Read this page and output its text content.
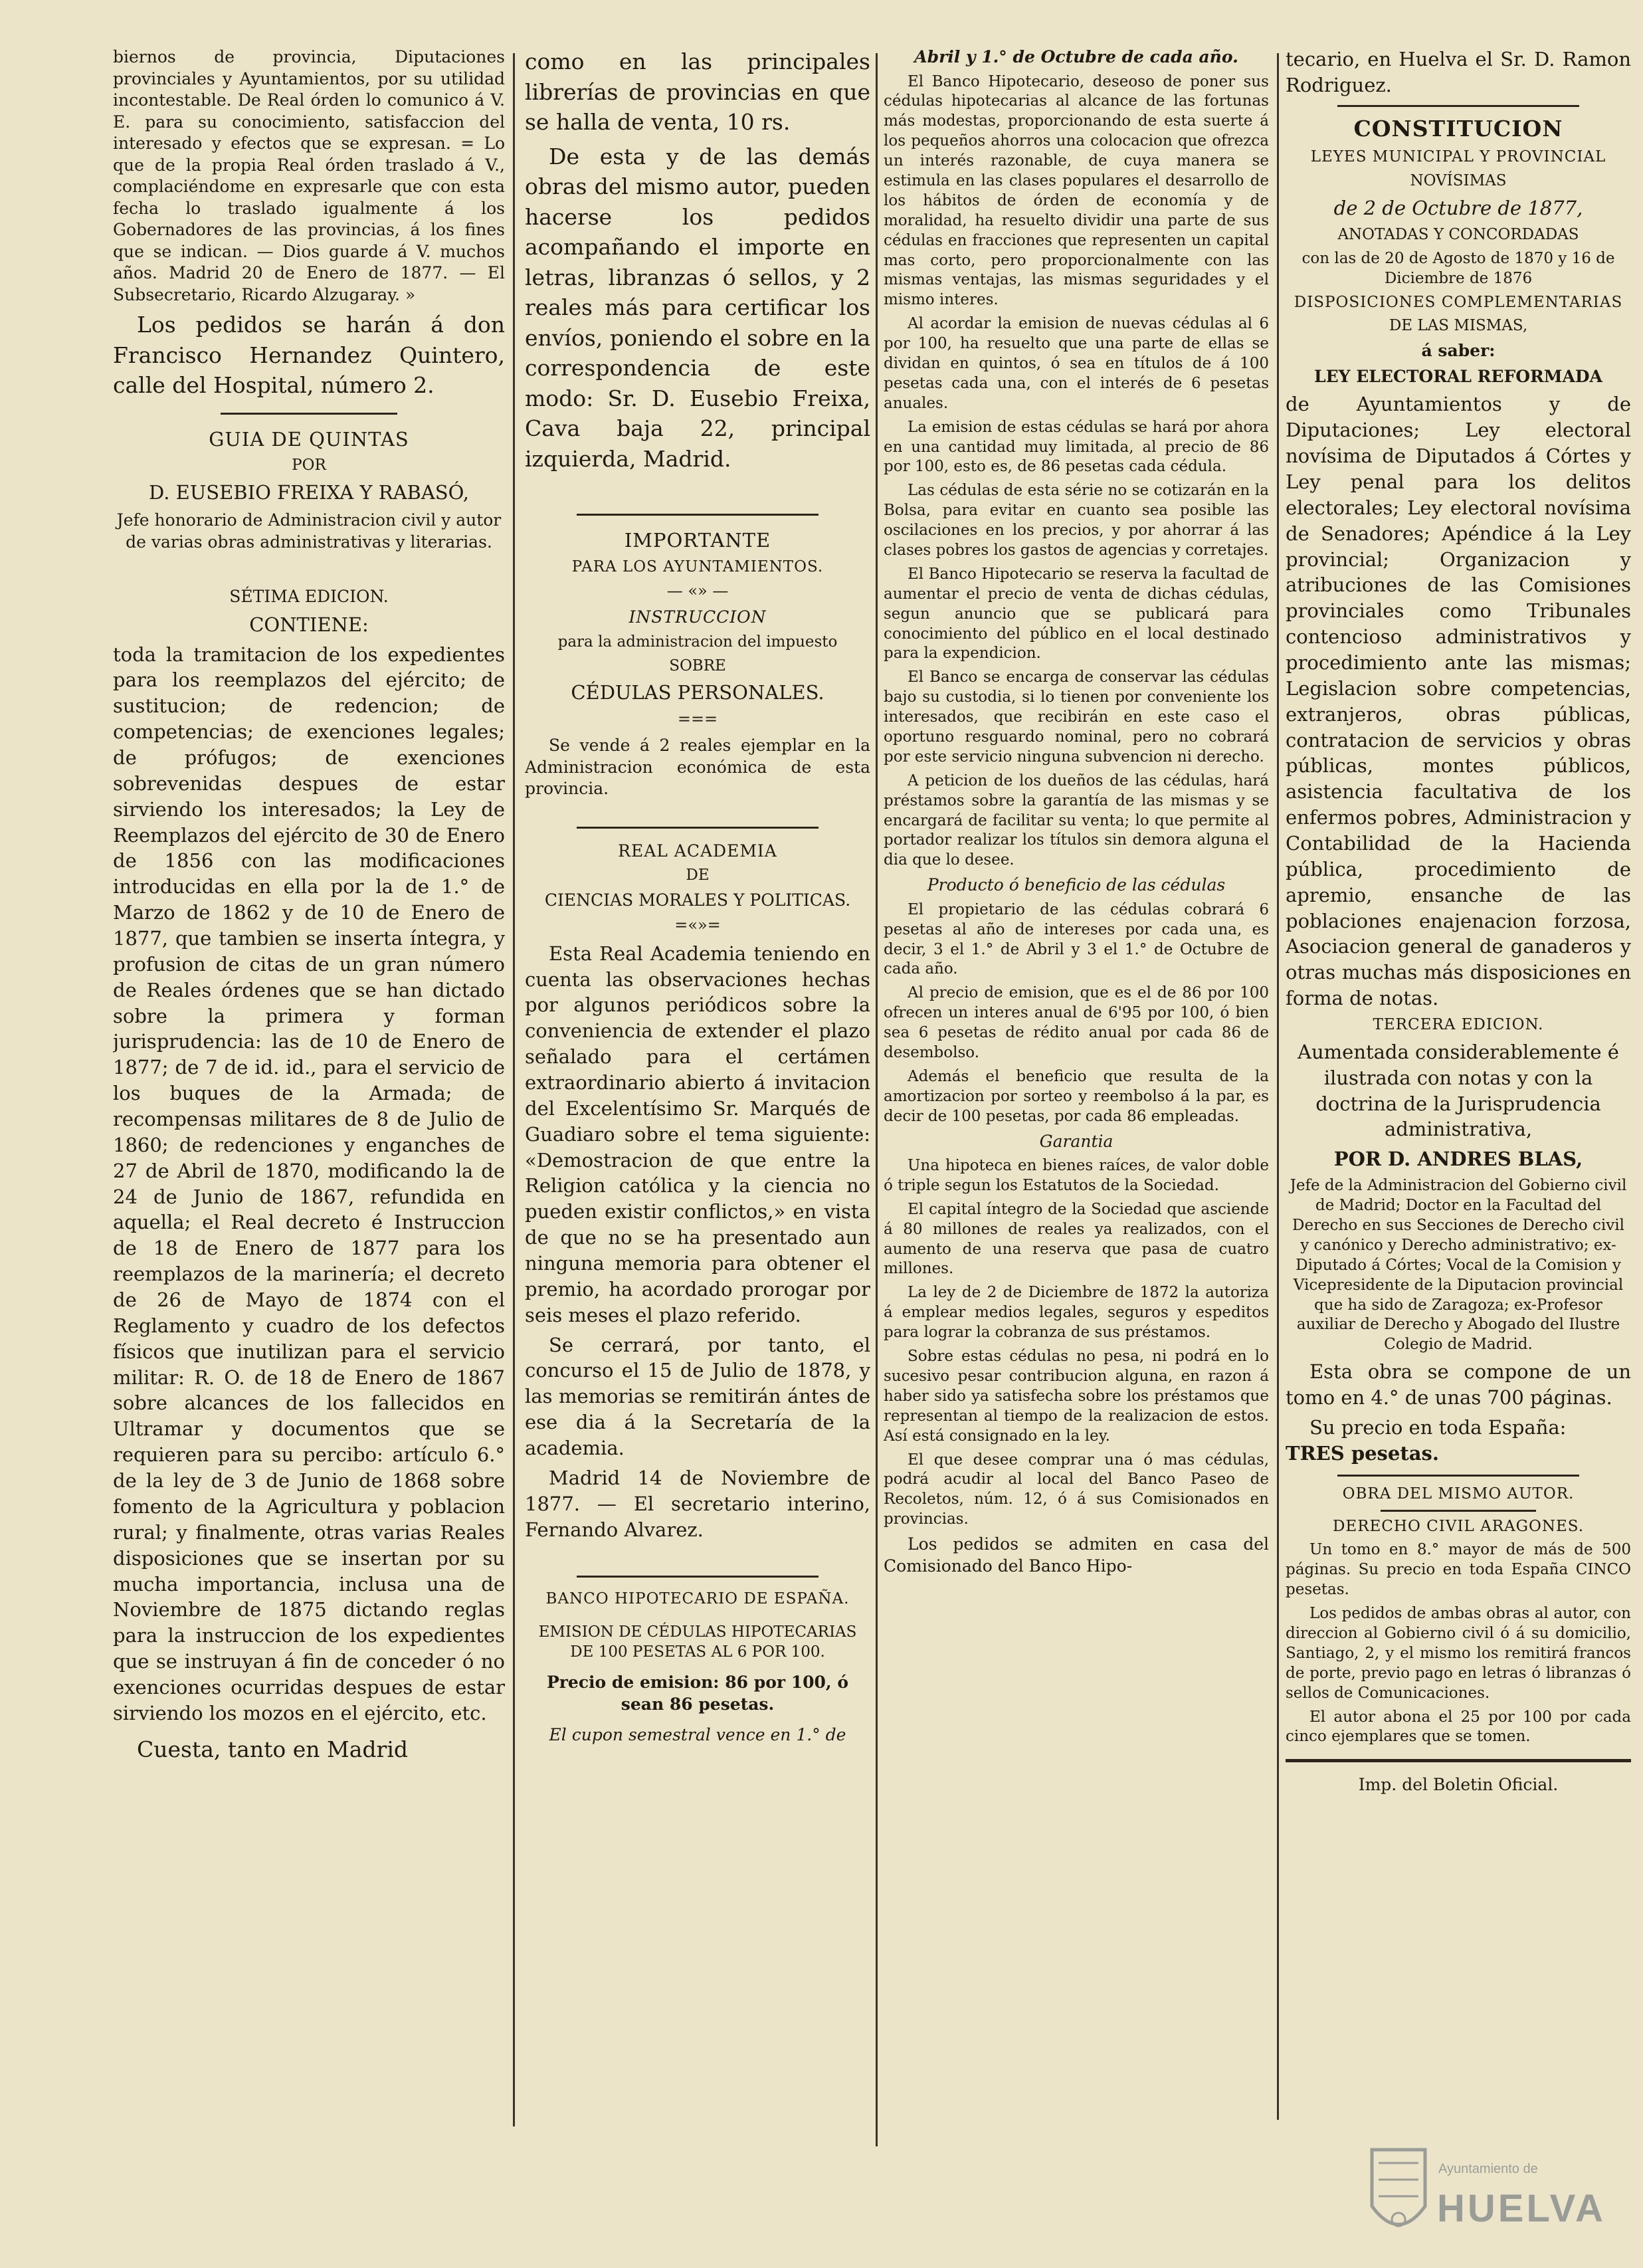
biernos de provincia, Diputaciones provinciales y Ayuntamientos, por su utilidad incontestable. De Real órden lo comunico á V. E. para su conocimiento, satisfaccion del interesado y efectos que se expresan. = Lo que de la propia Real órden traslado á V., complaciéndome en expresarle que con esta fecha lo traslado igualmente á los Gobernadores de las provincias, á los fines que se indican. — Dios guarde á V. muchos años. Madrid 20 de Enero de 1877. — El Subsecretario, Ricardo Alzugaray. »

Los pedidos se harán á don Francisco Hernandez Quintero, calle del Hospital, número 2.

GUIA DE QUINTAS

POR

D. EUSEBIO FREIXA Y RABASÓ,

Jefe honorario de Administracion civil y autor de varias obras administrativas y literarias.

SÉTIMA EDICION.

CONTIENE:

toda la tramitacion de los expedientes para los reemplazos del ejército; de sustitucion; de redencion; de competencias; de exenciones legales; de prófugos; de exenciones sobrevenidas despues de estar sirviendo los interesados; la Ley de Reemplazos del ejército de 30 de Enero de 1856 con las modificaciones introducidas en ella por la de 1.° de Marzo de 1862 y de 10 de Enero de 1877, que tambien se inserta íntegra, y profusion de citas de un gran número de Reales órdenes que se han dictado sobre la primera y forman jurisprudencia: las de 10 de Enero de 1877; de 7 de id. id., para el servicio de los buques de la Armada; de recompensas militares de 8 de Julio de 1860; de redenciones y enganches de 27 de Abril de 1870, modificando la de 24 de Junio de 1867, refundida en aquella; el Real decreto é Instruccion de 18 de Enero de 1877 para los reemplazos de la marinería; el decreto de 26 de Mayo de 1874 con el Reglamento y cuadro de los defectos físicos que inutilizan para el servicio militar: R. O. de 18 de Enero de 1867 sobre alcances de los fallecidos en Ultramar y documentos que se requieren para su percibo: artículo 6.° de la ley de 3 de Junio de 1868 sobre fomento de la Agricultura y poblacion rural; y finalmente, otras varias Reales disposiciones que se insertan por su mucha importancia, inclusa una de Noviembre de 1875 dictando reglas para la instruccion de los expedientes que se instruyan á fin de conceder ó no exenciones ocurridas despues de estar sirviendo los mozos en el ejército, etc.

Cuesta, tanto en Madrid

como en las principales librerías de provincias en que se halla de venta, 10 rs.

De esta y de las demás obras del mismo autor, pueden hacerse los pedidos acompañando el importe en letras, libranzas ó sellos, y 2 reales más para certificar los envíos, poniendo el sobre en la correspondencia de este modo: Sr. D. Eusebio Freixa, Cava baja 22, principal izquierda, Madrid.

IMPORTANTE

PARA LOS AYUNTAMIENTOS.

— «» —

INSTRUCCION

para la administracion del impuesto

SOBRE

CÉDULAS PERSONALES.

===

Se vende á 2 reales ejemplar en la Administracion económica de esta provincia.

REAL ACADEMIA

DE

CIENCIAS MORALES Y POLITICAS.

=«»=

Esta Real Academia teniendo en cuenta las observaciones hechas por algunos periódicos sobre la conveniencia de extender el plazo señalado para el certámen extraordinario abierto á invitacion del Excelentísimo Sr. Marqués de Guadiaro sobre el tema siguiente: «Demostracion de que entre la Religion católica y la ciencia no pueden existir conflictos,» en vista de que no se ha presentado aun ninguna memoria para obtener el premio, ha acordado prorogar por seis meses el plazo referido.

Se cerrará, por tanto, el concurso el 15 de Julio de 1878, y las memorias se remitirán ántes de ese dia á la Secretaría de la academia.

Madrid 14 de Noviembre de 1877. — El secretario interino, Fernando Alvarez.

BANCO HIPOTECARIO DE ESPAÑA.

EMISION DE CÉDULAS HIPOTECARIAS DE 100 PESETAS AL 6 POR 100.

Precio de emision: 86 por 100, ó sean 86 pesetas.

El cupon semestral vence en 1.° de

Abril y 1.° de Octubre de cada año.

El Banco Hipotecario, deseoso de poner sus cédulas hipotecarias al alcance de las fortunas más modestas, proporcionando de esta suerte á los pequeños ahorros una colocacion que ofrezca un interés razonable, de cuya manera se estimula en las clases populares el desarrollo de los hábitos de órden de economía y de moralidad, ha resuelto dividir una parte de sus cédulas en fracciones que representen un capital mas corto, pero proporcionalmente con las mismas ventajas, las mismas seguridades y el mismo interes.

Al acordar la emision de nuevas cédulas al 6 por 100, ha resuelto que una parte de ellas se dividan en quintos, ó sea en títulos de á 100 pesetas cada una, con el interés de 6 pesetas anuales.

La emision de estas cédulas se hará por ahora en una cantidad muy limitada, al precio de 86 por 100, esto es, de 86 pesetas cada cédula.

Las cédulas de esta série no se cotizarán en la Bolsa, para evitar en cuanto sea posible las oscilaciones en los precios, y por ahorrar á las clases pobres los gastos de agencias y corretajes.

El Banco Hipotecario se reserva la facultad de aumentar el precio de venta de dichas cédulas, segun anuncio que se publicará para conocimiento del público en el local destinado para la expendicion.

El Banco se encarga de conservar las cédulas bajo su custodia, si lo tienen por conveniente los interesados, que recibirán en este caso el oportuno resguardo nominal, pero no cobrará por este servicio ninguna subvencion ni derecho.

A peticion de los dueños de las cédulas, hará préstamos sobre la garantía de las mismas y se encargará de facilitar su venta; lo que permite al portador realizar los títulos sin demora alguna el dia que lo desee.

Producto ó beneficio de las cédulas

El propietario de las cédulas cobrará 6 pesetas al año de intereses por cada una, es decir, 3 el 1.° de Abril y 3 el 1.° de Octubre de cada año.

Al precio de emision, que es el de 86 por 100 ofrecen un interes anual de 6'95 por 100, ó bien sea 6 pesetas de rédito anual por cada 86 de desembolso.

Además el beneficio que resulta de la amortizacion por sorteo y reembolso á la par, es decir de 100 pesetas, por cada 86 empleadas.

Garantia

Una hipoteca en bienes raíces, de valor doble ó triple segun los Estatutos de la Sociedad.

El capital íntegro de la Sociedad que asciende á 80 millones de reales ya realizados, con el aumento de una reserva que pasa de cuatro millones.

La ley de 2 de Diciembre de 1872 la autoriza á emplear medios legales, seguros y espeditos para lograr la cobranza de sus préstamos.

Sobre estas cédulas no pesa, ni podrá en lo sucesivo pesar contribucion alguna, en razon á haber sido ya satisfecha sobre los préstamos que representan al tiempo de la realizacion de estos. Así está consignado en la ley.

El que desee comprar una ó mas cédulas, podrá acudir al local del Banco Paseo de Recoletos, núm. 12, ó á sus Comisionados en provincias.

Los pedidos se admiten en casa del Comisionado del Banco Hipo-

tecario, en Huelva el Sr. D. Ramon Rodriguez.

CONSTITUCION

LEYES MUNICIPAL Y PROVINCIAL

NOVÍSIMAS

de 2 de Octubre de 1877,

ANOTADAS Y CONCORDADAS

con las de 20 de Agosto de 1870 y 16 de Diciembre de 1876

DISPOSICIONES COMPLEMENTARIAS

DE LAS MISMAS,

á saber:

LEY ELECTORAL REFORMADA

de Ayuntamientos y de Diputaciones; Ley electoral novísima de Diputados á Córtes y Ley penal para los delitos electorales; Ley electoral novísima de Senadores; Apéndice á la Ley provincial; Organizacion y atribuciones de las Comisiones provinciales como Tribunales contencioso administrativos y procedimiento ante las mismas; Legislacion sobre competencias, extranjeros, obras públicas, contratacion de servicios y obras públicas, montes públicos, asistencia facultativa de los enfermos pobres, Administracion y Contabilidad de la Hacienda pública, procedimiento de apremio, ensanche de las poblaciones enajenacion forzosa, Asociacion general de ganaderos y otras muchas más disposiciones en forma de notas.

TERCERA EDICION.

Aumentada considerablemente é ilustrada con notas y con la doctrina de la Jurisprudencia administrativa,

POR D. ANDRES BLAS,

Jefe de la Administracion del Gobierno civil de Madrid; Doctor en la Facultad del Derecho en sus Secciones de Derecho civil y canónico y Derecho administrativo; ex-Diputado á Córtes; Vocal de la Comision y Vicepresidente de la Diputacion provincial que ha sido de Zaragoza; ex-Profesor auxiliar de Derecho y Abogado del Ilustre Colegio de Madrid.

Esta obra se compone de un tomo en 4.° de unas 700 páginas.

Su precio en toda España:

TRES pesetas.

OBRA DEL MISMO AUTOR.

DERECHO CIVIL ARAGONES.

Un tomo en 8.° mayor de más de 500 páginas. Su precio en toda España CINCO pesetas.

Los pedidos de ambas obras al autor, con direccion al Gobierno civil ó á su domicilio, Santiago, 2, y el mismo los remitirá francos de porte, previo pago en letras ó libranzas ó sellos de Comunicaciones.

El autor abona el 25 por 100 por cada cinco ejemplares que se tomen.

Imp. del Boletin Oficial.

Ayuntamiento de
HUELVA
